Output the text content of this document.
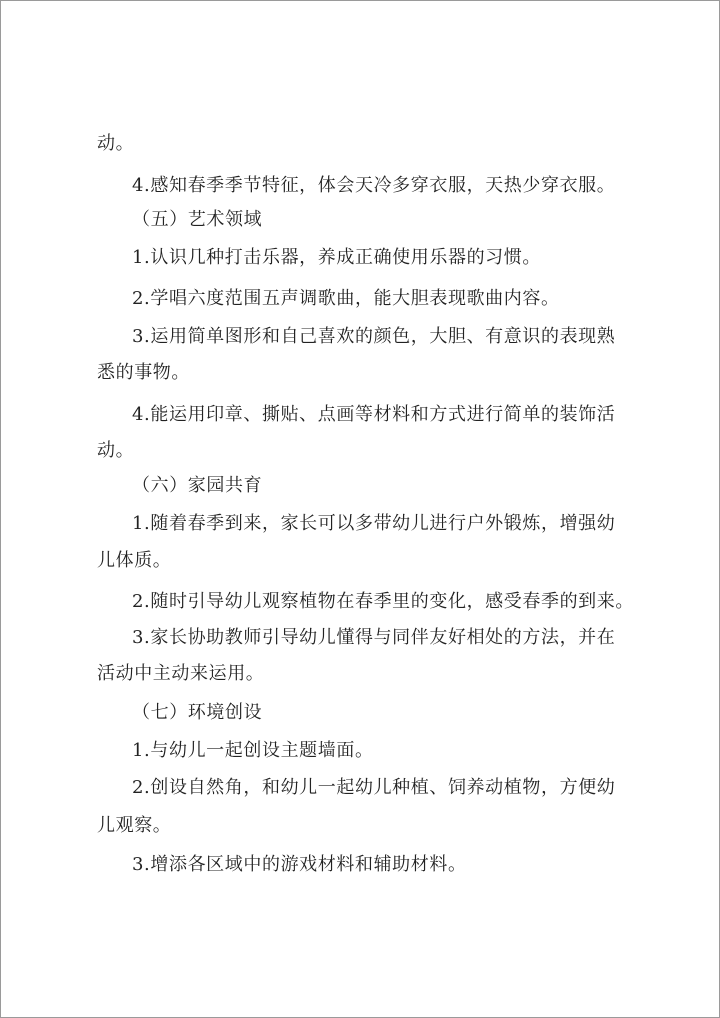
动。
4.感知春季季节特征，体会天冷多穿衣服，天热少穿衣服。
（五）艺术领域
1.认识几种打击乐器，养成正确使用乐器的习惯。
2.学唱六度范围五声调歌曲，能大胆表现歌曲内容。
3.运用简单图形和自己喜欢的颜色，大胆、有意识的表现熟
悉的事物。
4.能运用印章、撕贴、点画等材料和方式进行简单的装饰活
动。
（六）家园共育
1.随着春季到来，家长可以多带幼儿进行户外锻炼，增强幼
儿体质。
2.随时引导幼儿观察植物在春季里的变化，感受春季的到来。
3.家长协助教师引导幼儿懂得与同伴友好相处的方法，并在
活动中主动来运用。
（七）环境创设
1.与幼儿一起创设主题墙面。
2.创设自然角，和幼儿一起幼儿种植、饲养动植物，方便幼
儿观察。
3.增添各区域中的游戏材料和辅助材料。
